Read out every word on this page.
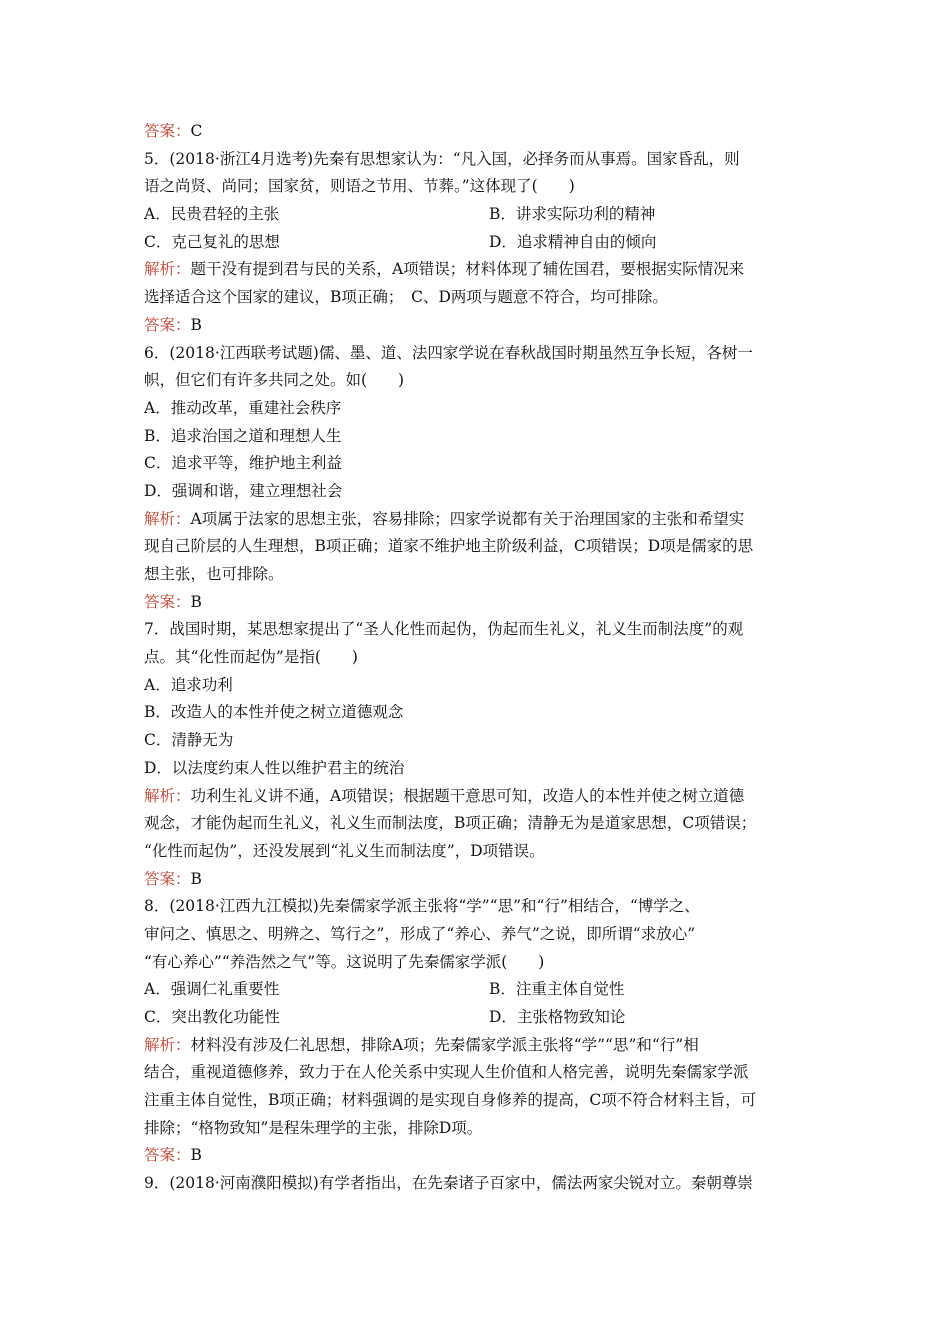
答案：C
5．(2018·浙江4月选考)先秦有思想家认为：“凡入国，必择务而从事焉。国家昏乱，则
语之尚贤、尚同；国家贫，则语之节用、节葬。”这体现了(　　)
A．民贵君轻的主张	B．讲求实际功利的精神
C．克己复礼的思想	D．追求精神自由的倾向
解析：题干没有提到君与民的关系，A项错误；材料体现了辅佐国君，要根据实际情况来
选择适合这个国家的建议，B项正确；　C、D两项与题意不符合，均可排除。
答案：B
6．(2018·江西联考试题)儒、墨、道、法四家学说在春秋战国时期虽然互争长短，各树一
帜，但它们有许多共同之处。如(　　)
A．推动改革，重建社会秩序
B．追求治国之道和理想人生
C．追求平等，维护地主利益
D．强调和谐，建立理想社会
解析：A项属于法家的思想主张，容易排除；四家学说都有关于治理国家的主张和希望实
现自己阶层的人生理想，B项正确；道家不维护地主阶级利益，C项错误；D项是儒家的思
想主张，也可排除。
答案：B
7．战国时期，某思想家提出了“圣人化性而起伪，伪起而生礼义，礼义生而制法度”的观
点。其“化性而起伪”是指(　　)
A．追求功利
B．改造人的本性并使之树立道德观念
C．清静无为
D．以法度约束人性以维护君主的统治
解析：功利生礼义讲不通，A项错误；根据题干意思可知，改造人的本性并使之树立道德
观念，才能伪起而生礼义，礼义生而制法度，B项正确；清静无为是道家思想，C项错误；
“化性而起伪”，还没发展到“礼义生而制法度”，D项错误。
答案：B
8．(2018·江西九江模拟)先秦儒家学派主张将“学”“思”和“行”相结合，“博学之、
审问之、慎思之、明辨之、笃行之”，形成了“养心、养气”之说，即所谓“求放心”
“有心养心”“养浩然之气”等。这说明了先秦儒家学派(　　)
A．强调仁礼重要性	B．注重主体自觉性
C．突出教化功能性	D．主张格物致知论
解析：材料没有涉及仁礼思想，排除A项；先秦儒家学派主张将“学”“思”和“行”相
结合，重视道德修养，致力于在人伦关系中实现人生价值和人格完善，说明先秦儒家学派
注重主体自觉性，B项正确；材料强调的是实现自身修养的提高，C项不符合材料主旨，可
排除；“格物致知”是程朱理学的主张，排除D项。
答案：B
9．(2018·河南濮阳模拟)有学者指出，在先秦诸子百家中，儒法两家尖锐对立。秦朝尊崇
